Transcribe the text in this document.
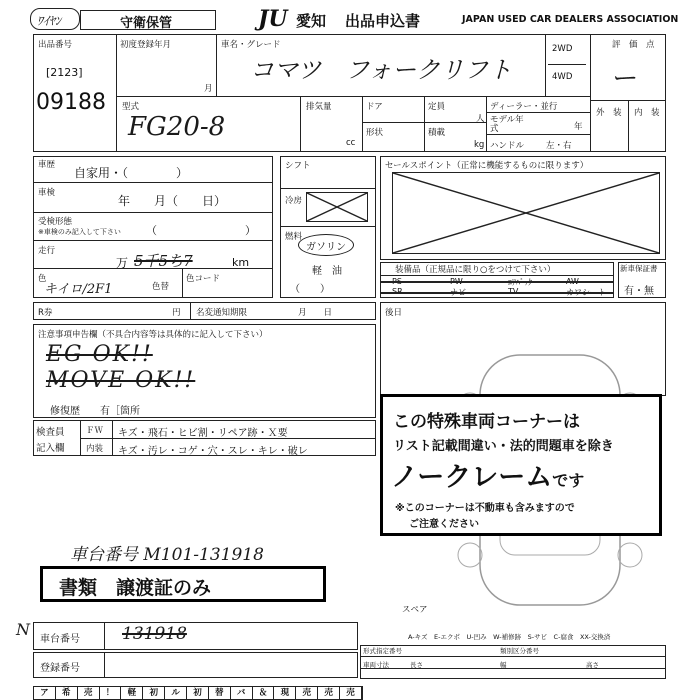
ﾜｲﾔﾝ	守衛保管	JU 愛知 出品申込書	JAPAN USED CAR DEALERS ASSOCIATION
出品番号
[2123]
09188
初度登録年月
月
車名・グレード
コマツ　フォークリフト
2WD
4WD
評　価　点
ー
外　装 内　装
型式
FG20-8
排気量
cc
ドア	定員
人
形状	積載
kg
ディーラー・並行
モデル年式	年
ハンドル	左・右
車歴
自家用・（　　　　）
車検
年　　月（　　日）
受検形態
※車検のみ記入して下さい （　　　　　　　　）
走行
万 5千5ち7	km
色
キイロ/2F1	色替
色コード
シフト
冷房
燃料
ガソリン
軽　油
（　　）
セールスポイント（正常に機能するものに限ります）
装備品（正規品に限り○をつけて下さい）
PS	PW	ｴｱﾊﾞｯｸ	AW
SR	ナビ	TV	カワシート
新車保証書
有・無
R券	円 名変通知期限	月　　日	後日
注意事項申告欄（不具合内容等は具体的に記入して下さい）
EG OK!!
MOVE OK!!
修復歴　　有［箇所
検査員
記入欄
ＦＷ キズ・飛石・ヒビ割・リペア跡・Ｘ要
内装 キズ・汚レ・コゲ・穴・スレ・キレ・破レ
この特殊車両コーナーは
リスト記載間違い・法的問題車を除き
ノークレームです
※このコーナーは不動車も含みますので
ご注意ください
車台番号 M101-131918
書類　譲渡証のみ
スペア
A-キズ　E-エクボ　U-凹み　W-補修跡　S-サビ　C-腐食　XX-交換済
N
車台番号 131918
登録番号
形式指定番号	類別区分番号
車両寸法	長さ	幅	高さ
ア	希	売	！	軽	初	ル	初	替	バ	＆	現	売	売	売
